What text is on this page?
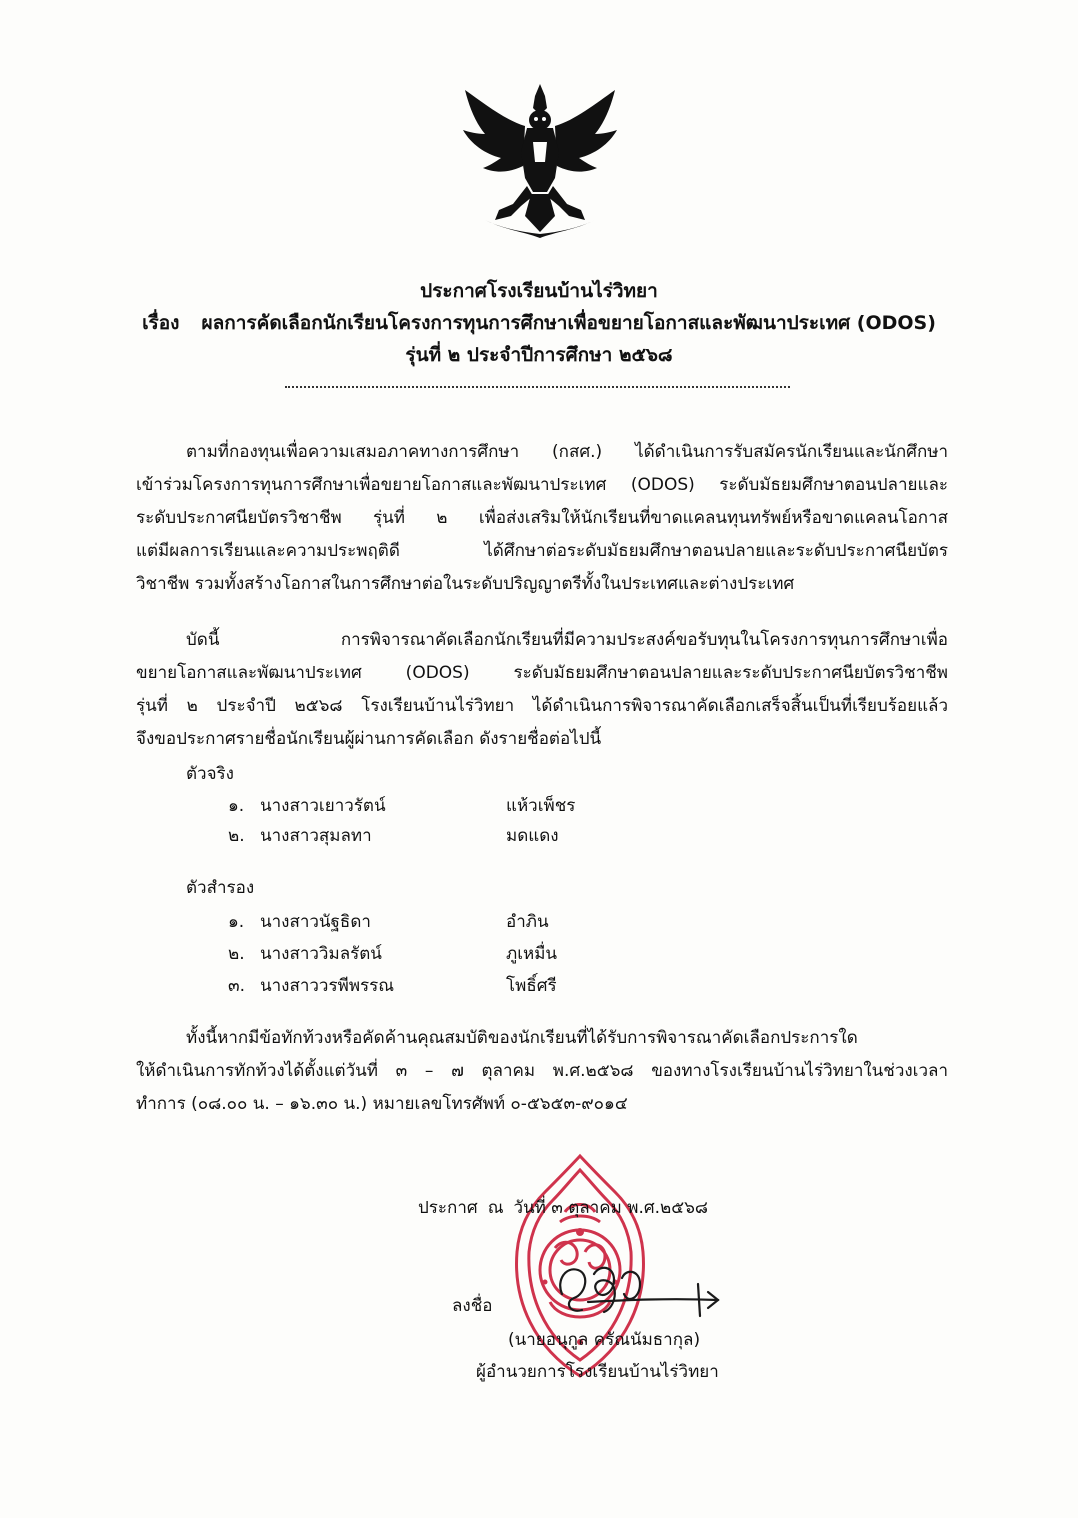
ประกาศโรงเรียนบ้านไร่วิทยา
เรื่อง ผลการคัดเลือกนักเรียนโครงการทุนการศึกษาเพื่อขยายโอกาสและพัฒนาประเทศ (ODOS)
รุ่นที่ ๒ ประจำปีการศึกษา ๒๕๖๘
ตามที่กองทุนเพื่อความเสมอภาคทางการศึกษา (กสศ.) ได้ดำเนินการรับสมัครนักเรียนและนักศึกษา
เข้าร่วมโครงการทุนการศึกษาเพื่อขยายโอกาสและพัฒนาประเทศ (ODOS) ระดับมัธยมศึกษาตอนปลายและ
ระดับประกาศนียบัตรวิชาชีพ รุ่นที่ ๒ เพื่อส่งเสริมให้นักเรียนที่ขาดแคลนทุนทรัพย์หรือขาดแคลนโอกาส
แต่มีผลการเรียนและความประพฤติดี ได้ศึกษาต่อระดับมัธยมศึกษาตอนปลายและระดับประกาศนียบัตร
วิชาชีพ รวมทั้งสร้างโอกาสในการศึกษาต่อในระดับปริญญาตรีทั้งในประเทศและต่างประเทศ
บัดนี้ การพิจารณาคัดเลือกนักเรียนที่มีความประสงค์ขอรับทุนในโครงการทุนการศึกษาเพื่อ
ขยายโอกาสและพัฒนาประเทศ (ODOS) ระดับมัธยมศึกษาตอนปลายและระดับประกาศนียบัตรวิชาชีพ
รุ่นที่ ๒ ประจำปี ๒๕๖๘ โรงเรียนบ้านไร่วิทยา ได้ดำเนินการพิจารณาคัดเลือกเสร็จสิ้นเป็นที่เรียบร้อยแล้ว
จึงขอประกาศรายชื่อนักเรียนผู้ผ่านการคัดเลือก ดังรายชื่อต่อไปนี้
ตัวจริง
๑. นางสาวเยาวรัตน์	แห้วเพ็ชร
๒. นางสาวสุมลทา	มดแดง
ตัวสำรอง
๑. นางสาวนัฐธิดา	อำภิน
๒. นางสาววิมลรัตน์	ภูเหมื่น
๓. นางสาววรพีพรรณ	โพธิ์ศรี
ทั้งนี้หากมีข้อทักท้วงหรือคัดค้านคุณสมบัติของนักเรียนที่ได้รับการพิจารณาคัดเลือกประการใด
ให้ดำเนินการทักท้วงได้ตั้งแต่วันที่ ๓ – ๗ ตุลาคม พ.ศ.๒๕๖๘ ของทางโรงเรียนบ้านไร่วิทยาในช่วงเวลา
ทำการ (๐๘.๐๐ น. – ๑๖.๓๐ น.) หมายเลขโทรศัพท์ ๐-๕๖๕๓-๙๐๑๔
ประกาศ ณ วันที่ ๓ ตุลาคม พ.ศ.๒๕๖๘
ลงชื่อ
(นายอนุกูล ครัณนัมธากุล)
ผู้อำนวยการโรงเรียนบ้านไร่วิทยา
